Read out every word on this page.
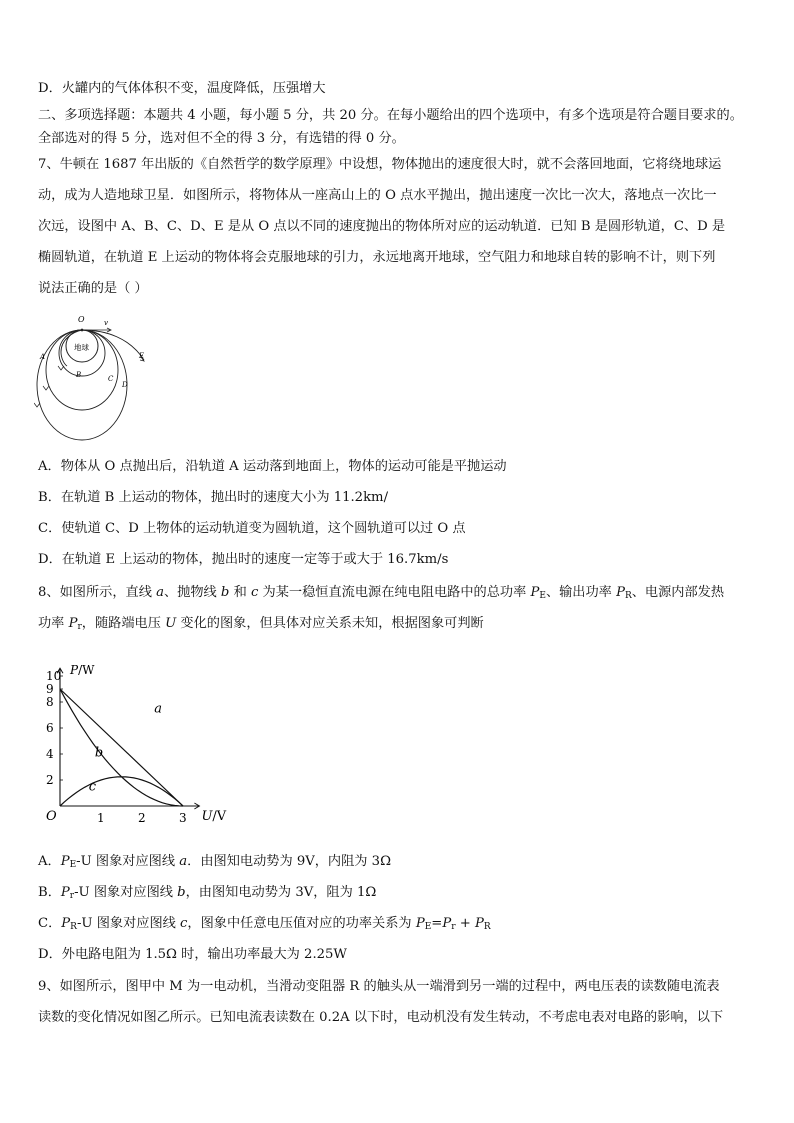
D．火罐内的气体体积不变，温度降低，压强增大
二、多项选择题：本题共 4 小题，每小题 5 分，共 20 分。在每小题给出的四个选项中，有多个选项是符合题目要求的。
全部选对的得 5 分，选对但不全的得 3 分，有选错的得 0 分。
7、牛顿在 1687 年出版的《自然哲学的数学原理》中设想，物体抛出的速度很大时，就不会落回地面，它将绕地球运
动，成为人造地球卫星．如图所示，将物体从一座高山上的 O 点水平抛出，抛出速度一次比一次大，落地点一次比一
次远，设图中 A、B、C、D、E 是从 O 点以不同的速度抛出的物体所对应的运动轨道．已知 B 是圆形轨道，C、D 是
椭圆轨道，在轨道 E 上运动的物体将会克服地球的引力，永远地离开地球，空气阻力和地球自转的影响不计，则下列
说法正确的是（ ）
地球
O	v
A
B	C
D
E
A．物体从 O 点抛出后，沿轨道 A 运动落到地面上，物体的运动可能是平抛运动
B．在轨道 B 上运动的物体，抛出时的速度大小为 11.2km/
C．使轨道 C、D 上物体的运动轨道变为圆轨道，这个圆轨道可以过 O 点
D．在轨道 E 上运动的物体，抛出时的速度一定等于或大于 16.7km/s
8、如图所示，直线 a、抛物线 b 和 c 为某一稳恒直流电源在纯电阻电路中的总功率 $P_E$、输出功率 $P_R$、电源内部发热
功率 $P_r$，随路端电压 U 变化的图象，但具体对应关系未知，根据图象可判断
P/W
U/V
O	1	2	3
2
4
6
8
9
10
a
b
c
A．$P_E-U$ 图象对应图线 a．由图知电动势为 9V，内阻为 3Ω
B．$P_r-U$ 图象对应图线 b，由图知电动势为 3V，阻为 1Ω
C．$P_R-U$ 图象对应图线 c，图象中任意电压值对应的功率关系为 $P_E=P_r + P_R$
D．外电路电阻为 1.5Ω 时，输出功率最大为 2.25W
9、如图所示，图甲中 M 为一电动机，当滑动变阻器 R 的触头从一端滑到另一端的过程中，两电压表的读数随电流表
读数的变化情况如图乙所示。已知电流表读数在 0.2A 以下时，电动机没有发生转动，不考虑电表对电路的影响，以下
